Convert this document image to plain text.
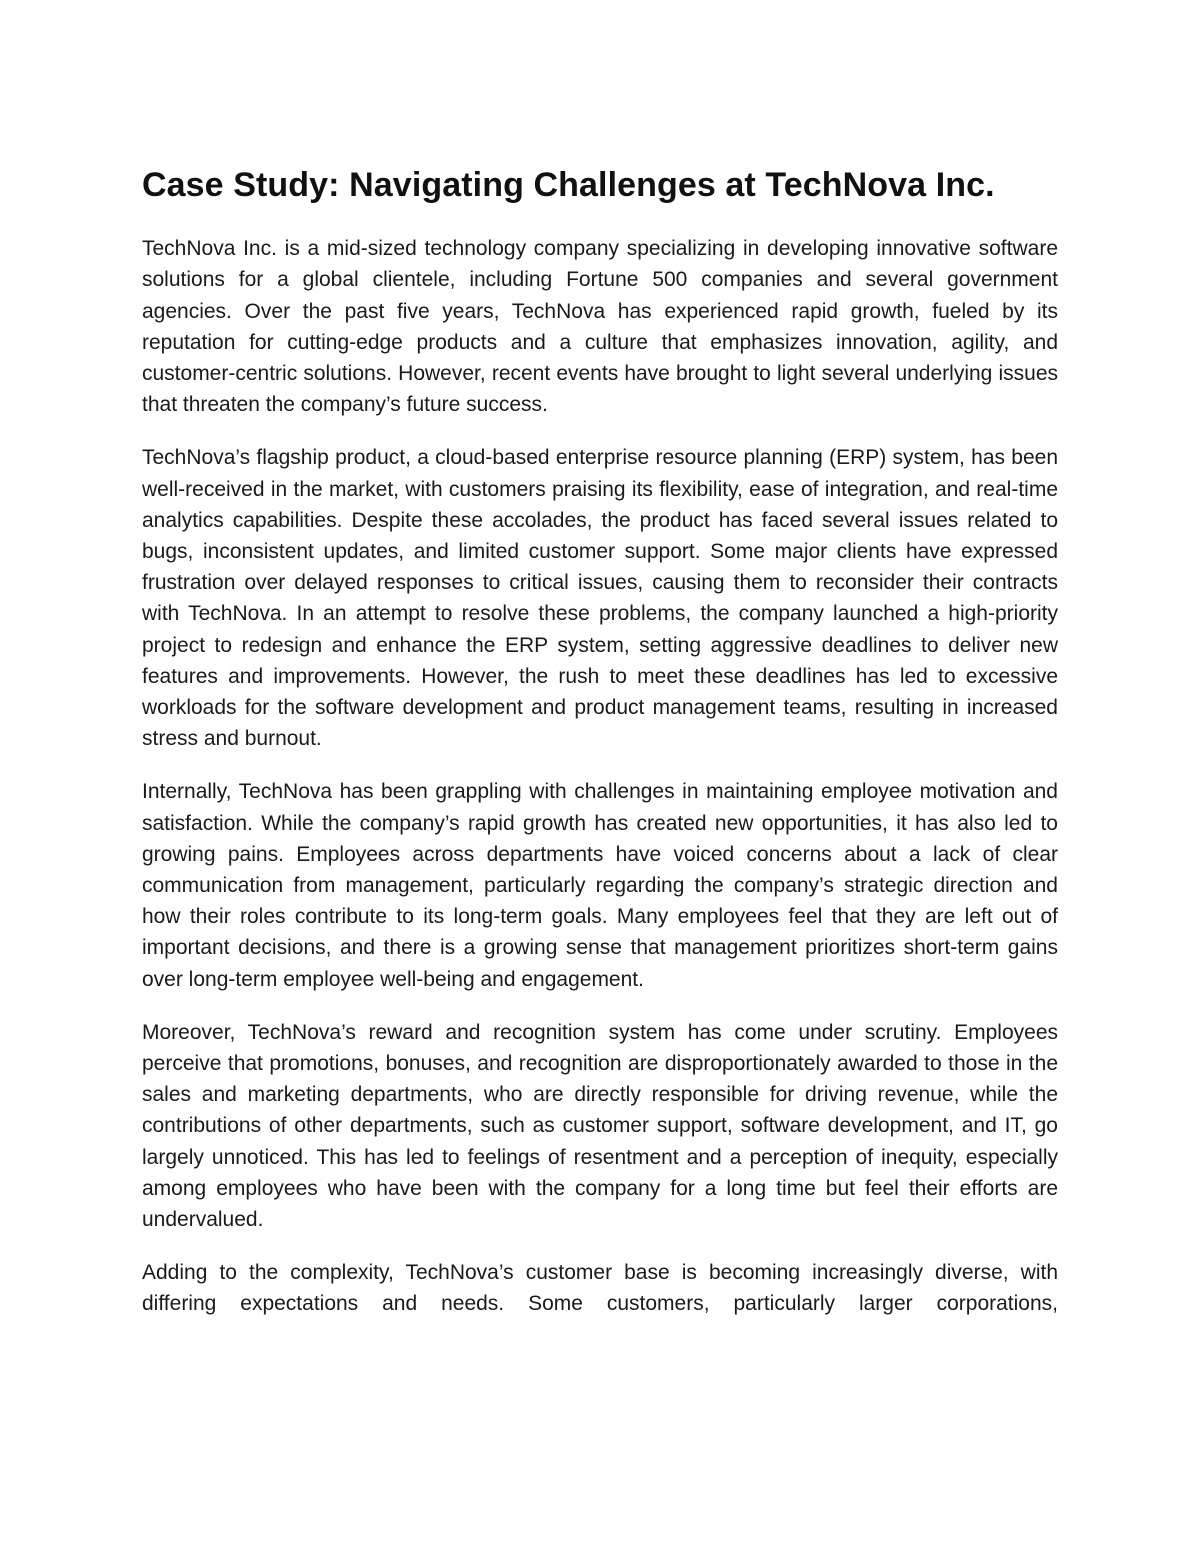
Case Study: Navigating Challenges at TechNova Inc.

TechNova Inc. is a mid-sized technology company specializing in developing innovative software solutions for a global clientele, including Fortune 500 companies and several government agencies. Over the past five years, TechNova has experienced rapid growth, fueled by its reputation for cutting-edge products and a culture that emphasizes innovation, agility, and customer-centric solutions. However, recent events have brought to light several underlying issues that threaten the company’s future success.

TechNova’s flagship product, a cloud-based enterprise resource planning (ERP) system, has been well-received in the market, with customers praising its flexibility, ease of integration, and real-time analytics capabilities. Despite these accolades, the product has faced several issues related to bugs, inconsistent updates, and limited customer support. Some major clients have expressed frustration over delayed responses to critical issues, causing them to reconsider their contracts with TechNova. In an attempt to resolve these problems, the company launched a high-priority project to redesign and enhance the ERP system, setting aggressive deadlines to deliver new features and improvements. However, the rush to meet these deadlines has led to excessive workloads for the software development and product management teams, resulting in increased stress and burnout.

Internally, TechNova has been grappling with challenges in maintaining employee motivation and satisfaction. While the company’s rapid growth has created new opportunities, it has also led to growing pains. Employees across departments have voiced concerns about a lack of clear communication from management, particularly regarding the company’s strategic direction and how their roles contribute to its long-term goals. Many employees feel that they are left out of important decisions, and there is a growing sense that management prioritizes short-term gains over long-term employee well-being and engagement.

Moreover, TechNova’s reward and recognition system has come under scrutiny. Employees perceive that promotions, bonuses, and recognition are disproportionately awarded to those in the sales and marketing departments, who are directly responsible for driving revenue, while the contributions of other departments, such as customer support, software development, and IT, go largely unnoticed. This has led to feelings of resentment and a perception of inequity, especially among employees who have been with the company for a long time but feel their efforts are undervalued.

Adding to the complexity, TechNova’s customer base is becoming increasingly diverse, with differing expectations and needs. Some customers, particularly larger corporations,
